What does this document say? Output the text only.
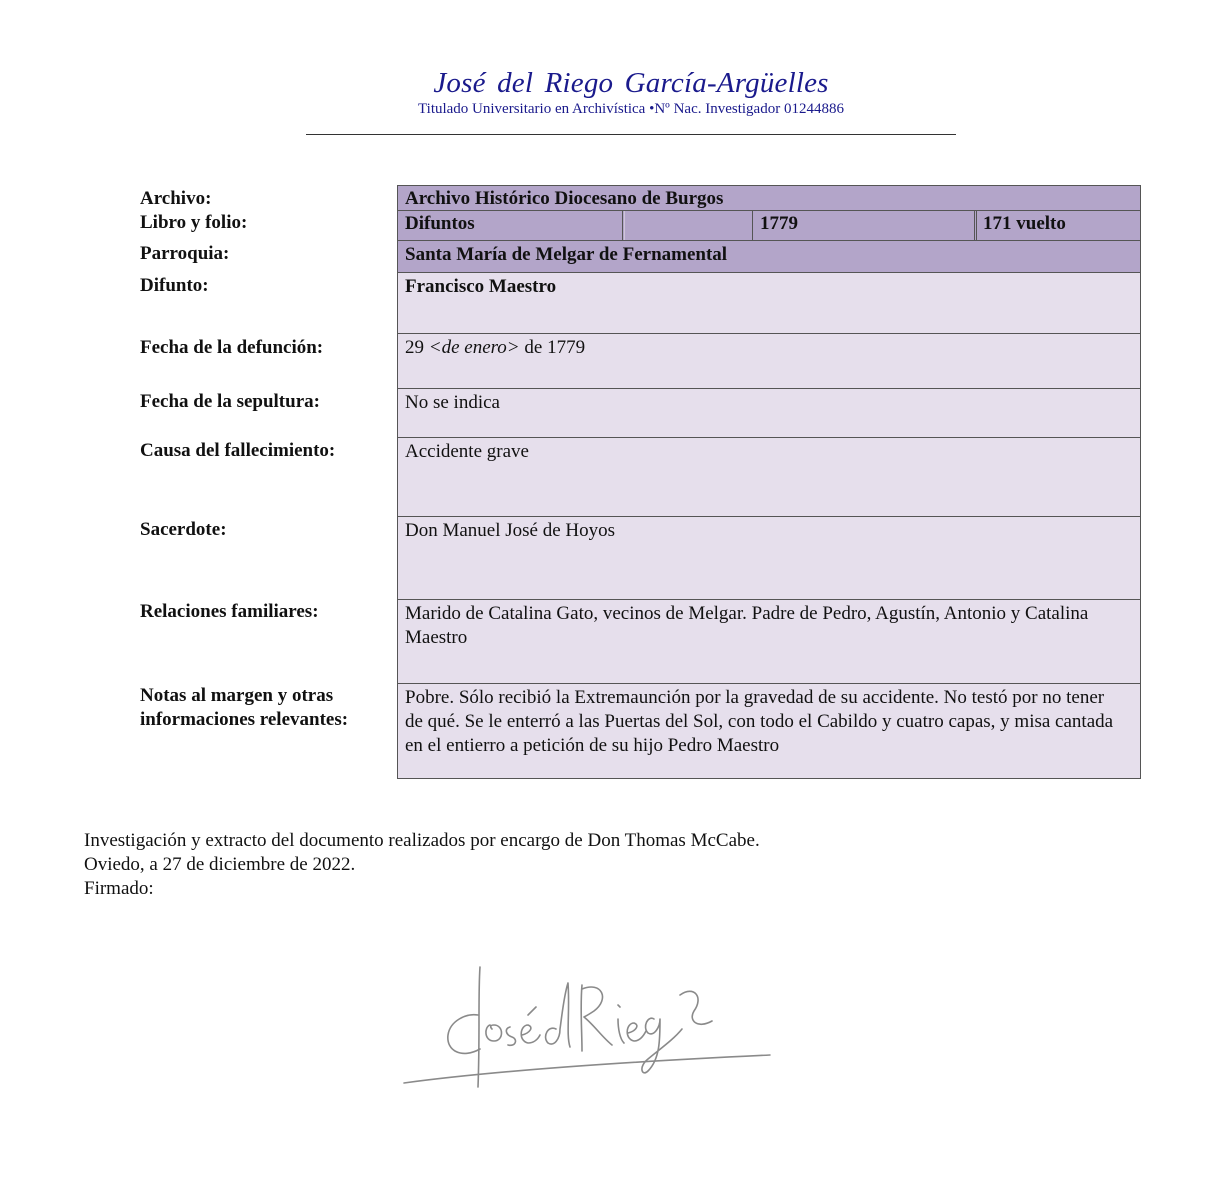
José del Riego García-Argüelles
Titulado Universitario en Archivística •Nº Nac. Investigador 01244886
Archivo:
Libro y folio:
Parroquia:
Difunto:
Fecha de la defunción:
Fecha de la sepultura:
Causa del fallecimiento:
Sacerdote:
Relaciones familiares:
Notas al margen y otras
informaciones relevantes:
Archivo Histórico Diocesano de Burgos
Difuntos	1779	171 vuelto
Santa María de Melgar de Fernamental
Francisco Maestro
29 <de enero> de 1779
No se indica
Accidente grave
Don Manuel José de Hoyos
Marido de Catalina Gato, vecinos de Melgar. Padre de Pedro, Agustín, Antonio y Catalina Maestro
Pobre. Sólo recibió la Extremaunción por la gravedad de su accidente. No testó por no tener de qué. Se le enterró a las Puertas del Sol, con todo el Cabildo y cuatro capas, y misa cantada en el entierro a petición de su hijo Pedro Maestro
Investigación y extracto del documento realizados por encargo de Don Thomas McCabe.
Oviedo, a 27 de diciembre de 2022.
Firmado:
